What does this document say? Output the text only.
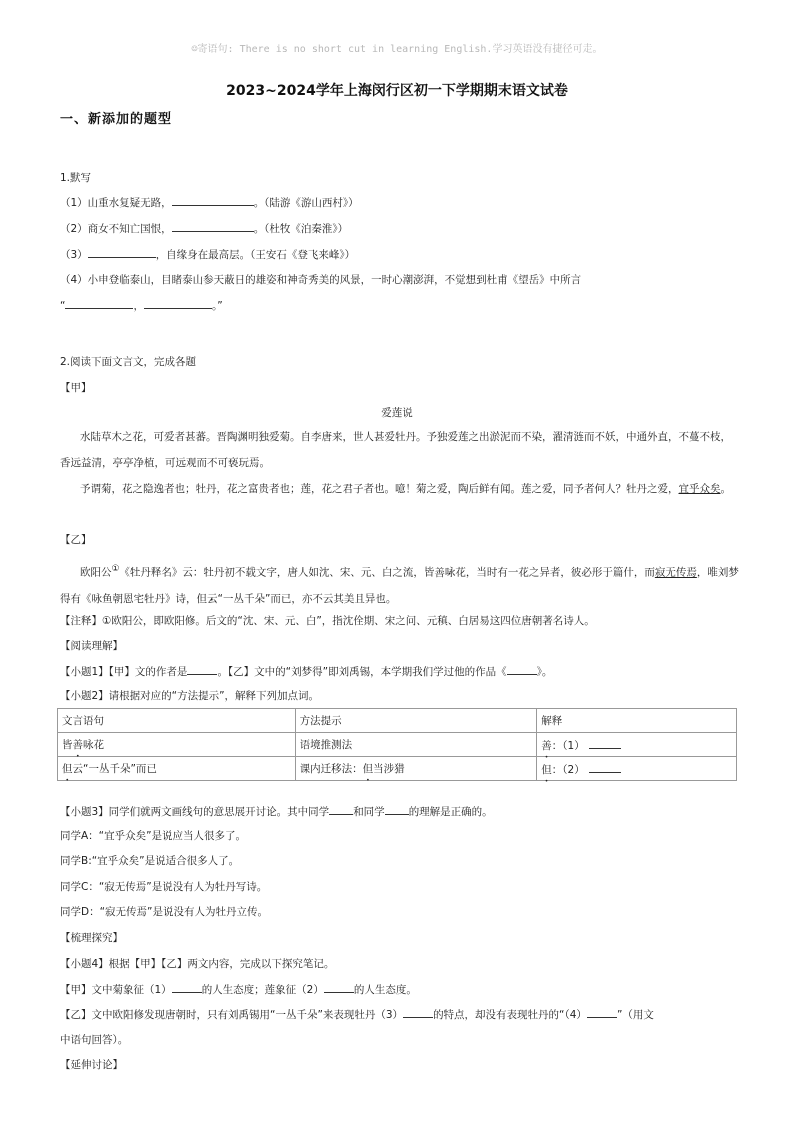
☺寄语句: There is no short cut in learning English.学习英语没有捷径可走。
2023~2024学年上海闵行区初一下学期期末语文试卷
一、新添加的题型
1.默写
（1）山重水复疑无路，	。（陆游《游山西村》）
（2）商女不知亡国恨，	。（杜牧《泊秦淮》）
（3）	，自缘身在最高层。（王安石《登飞来峰》）
（4）小申登临泰山，目睹泰山参天蔽日的雄姿和神奇秀美的风景，一时心潮澎湃，不觉想到杜甫《望岳》中所言
“	，	。”
2.阅读下面文言文，完成各题
【甲】
爱莲说
水陆草木之花，可爱者甚蕃。晋陶渊明独爱菊。自李唐来，世人甚爱牡丹。予独爱莲之出淤泥而不染，濯清涟而不妖，中通外直，不蔓不枝，香远益清，亭亭净植，可远观而不可亵玩焉。
予谓菊，花之隐逸者也；牡丹，花之富贵者也；莲，花之君子者也。噫！菊之爱，陶后鲜有闻。莲之爱，同予者何人？牡丹之爱，宜乎众矣。
【乙】
欧阳公①《牡丹释名》云：牡丹初不载文字，唐人如沈、宋、元、白之流，皆善 •咏花，当时有一花之异者，彼必形于篇什，而寂无传焉，唯刘梦得有《咏鱼朝恩宅牡丹》诗，但 •云“一丛千朵”而已，亦不云其美且异也。
【注释】①欧阳公，即欧阳修。后文的“沈、宋、元、白”，指沈佺期、宋之问、元稹、白居易这四位唐朝著名诗人。
【阅读理解】
【小题1】【甲】文的作者是	。【乙】文中的“刘梦得”即刘禹锡，本学期我们学过他的作品《	》。
【小题2】请根据对应的“方法提示”，解释下列加点词。
文言语句	方法提示	解释
皆善咏花	语境推测法	善：（1）
但云“一丛千朵”而已	课内迁移法：但当涉猎	但：（2）
【小题3】同学们就两文画线句的意思展开讨论。其中同学 和同学 的理解是正确的。
同学A：“宜乎众矣”是说应当人很多了。
同学B:“宜乎众矣”是说适合很多人了。
同学C：“寂无传焉”是说没有人为牡丹写诗。
同学D：“寂无传焉”是说没有人为牡丹立传。
【梳理探究】
【小题4】根据【甲】【乙】两文内容，完成以下探究笔记。
【甲】文中菊象征（1）	的人生态度；莲象征（2）	的人生态度。
【乙】文中欧阳修发现唐朝时，只有刘禹锡用“一丛千朵”来表现牡丹（3）	的特点，却没有表现牡丹的“（4）	”（用文
中语句回答）。
【延伸讨论】
